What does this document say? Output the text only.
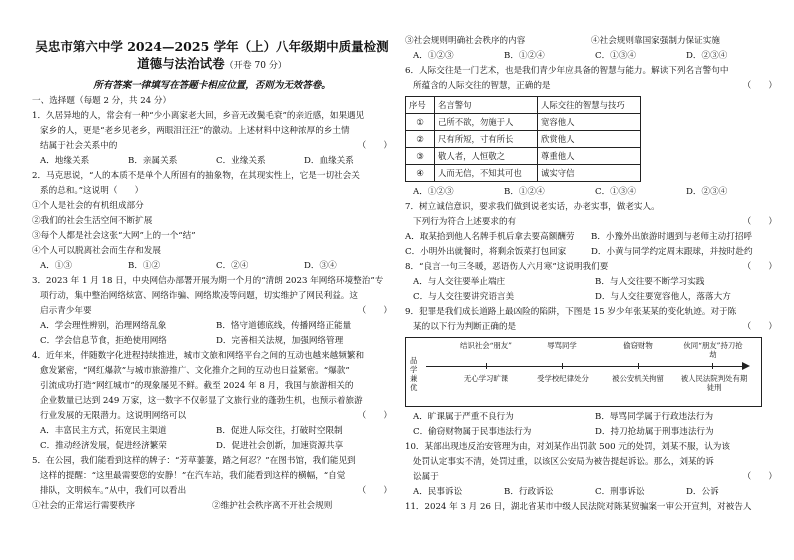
吴忠市第六中学 2024—2025 学年（上）八年级期中质量检测
道德与法治试卷（开卷 70 分）
所有答案一律填写在答题卡相应位置，否则为无效答卷。
一、选择题（每题 2 分，共 24 分）
1．久居异地的人，常会有一种“少小离家老大回，乡音无改鬓毛衰”的亲近感，如果遇见
家乡的人，更是“老乡见老乡，两眼泪汪汪”的激动。上述材料中这种浓厚的乡土情
结属于社会关系中的	（　　）
A．地缘关系	B．亲属关系	C．业缘关系	D．血缘关系
2．马克思说，“人的本质不是单个人所固有的抽象物，在其现实性上，它是一切社会关
系的总和。”这说明（　　）
①个人是社会的有机组成部分
②我们的社会生活空间不断扩展
③每个人都是社会这张“大网”上的一个“结”
④个人可以脱离社会而生存和发展
A．①③	B．①②	C．②④	D．③④
3．2023 年 1 月 18 日，中央网信办部署开展为期一个月的“清朗 2023 年网络环境整治”专
项行动，集中整治网络炫富、网络诈骗、网络欺凌等问题，切实维护了网民利益。这
启示青少年要	（　　）
A．学会理性辨别，治理网络乱象	B．恪守道德底线，传播网络正能量
C．学会信息节食，拒绝使用网络	D．完善相关法规，加强网络管理
4．近年来，伴随数字化进程持续推进，城市文旅和网络平台之间的互动也越来越频繁和
愈发紧密，“网红爆款”与城市旅游推广、文化推介之间的互动也日益紧密。“爆款”
引流成功打造“网红城市”的现象屡见不鲜。截至 2024 年 8 月，我国与旅游相关的
企业数量已达到 249 万家，这一数字不仅彰显了文旅行业的蓬勃生机，也预示着旅游
行业发展的无限潜力。这说明网络可以	（　　）
A．丰富民主方式，拓宽民主渠道	B．促进人际交往，打破时空限制
C．推动经济发展，促进经济繁荣	D．促进社会创新，加速资源共享
5．在公园，我们能看到这样的牌子：“芳草萋萋，踏之何忍？”在图书馆，我们能见到
这样的提醒：“这里最需要您的安静！”在汽车站，我们能看到这样的横幅，“自觉
排队，文明候车。”从中，我们可以看出	（　　）
①社会的正常运行需要秩序	②维护社会秩序离不开社会规则
③社会规则明确社会秩序的内容	④社会规则靠国家强制力保证实施
A．①②③	B．①②④	C．①③④	D．②③④
6．人际交往是一门艺术，也是我们青少年应具备的智慧与能力。解读下列名言警句中
所蕴含的人际交往的智慧，正确的是	（　　）
序号	名言警句	人际交往的智慧与技巧
①	己所不欲，勿施于人	宽容他人
②	尺有所短，寸有所长	欣赏他人
③	敬人者，人恒敬之	尊重他人
④	人而无信，不知其可也	诚实守信
A．①②③	B．①②④	C．①③④	D．②③④
7．树立诚信意识，要求我们做到说老实话，办老实事，做老实人。
下列行为符合上述要求的有	（　　）
A．取某拾到他人名牌手机后拿去要高额酬劳	B．小豫外出旅游时遇到与老师主动打招呼
C．小明外出就餐时，将剩余饭菜打包回家	D．小黄与同学约定周末跟球，并按时赴约
8．“良言一句三冬暖，恶语伤人六月寒”这说明我们要	（　　）
A．与人交往要举止端庄	B．与人交往要不断学习实践
C．与人交往要讲究语言美	D．与人交往要宽容他人，落落大方
9．犯罪是我们成长道路上最凶险的陷阱，下图是 15 岁少年张某某的变化轨迹。对于陈
某的以下行为判断正确的是	（　　）
品学兼优
结识社会“朋友”	辱骂同学	偷窃财物	伙同“朋友”持刀抢劫
无心学习旷课	受学校纪律处分	被公安机关拘留	被人民法院判处有期徒刑
A．旷课属于严重不良行为	B．辱骂同学属于行政违法行为
C．偷窃财物属于民事违法行为	D．持刀抢劫属于刑事违法行为
10．某部出现违反治安管理为由，对刘某作出罚款 500 元的处罚，刘某不服，认为该
处罚认定事实不清，处罚过重，以该区公安局为被告提起诉讼。那么，刘某的诉
讼属于	（　　）
A．民事诉讼	B．行政诉讼	C．刑事诉讼	D．公诉
11．2024 年 3 月 26 日，湖北省某市中级人民法院对陈某贸骗案一审公开宣判，对被告人
